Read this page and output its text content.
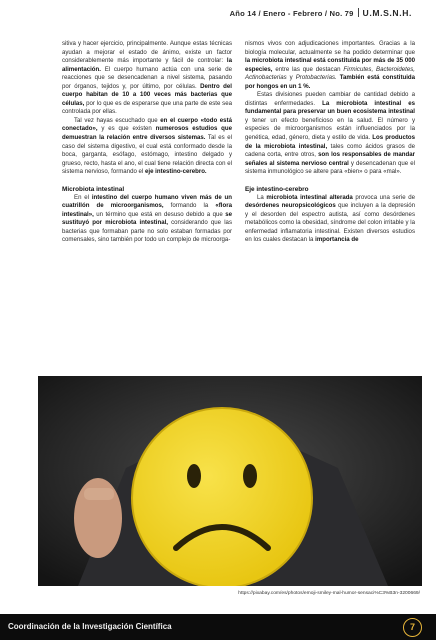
Año 14 / Enero - Febrero / No. 79 U.M.S.N.H.

sitiva y hacer ejercicio, principalmente. Aunque estas técnicas ayudan a mejorar el estado de ánimo, existe un factor considerablemente más importante y fácil de controlar: la alimentación. El cuerpo humano actúa con una serie de reacciones que se desencadenan a nivel sistema, pasando por órganos, tejidos y, por último, por células. Dentro del cuerpo habitan de 10 a 100 veces más bacterias que células, por lo que es de esperarse que una parte de este sea controlada por ellas.

Tal vez hayas escuchado que en el cuerpo «todo está conectado», y es que existen numerosos estudios que demuestran la relación entre diversos sistemas. Tal es el caso del sistema digestivo, el cual está conformado desde la boca, garganta, esófago, estómago, intestino delgado y grueso, recto, hasta el ano, el cual tiene relación directa con el sistema nervioso, formando el eje intestino-cerebro.

Microbiota intestinal

En el intestino del cuerpo humano viven más de un cuatrillón de microorganismos, formando la «flora intestinal», un término que está en desuso debido a que se sustituyó por microbiota intestinal, considerando que las bacterias que formaban parte no solo estaban formadas por comensales, sino también por todo un complejo de microorga-

nismos vivos con adjudicaciones importantes. Gracias a la biología molecular, actualmente se ha podido determinar que la microbiota intestinal está constituida por más de 35 000 especies, entre las que destacan Firmicutes, Bacteroidetes, Actinobacterias y Protobacterias. También está constituida por hongos en un 1 %.

Estas divisiones pueden cambiar de cantidad debido a distintas enfermedades. La microbiota intestinal es fundamental para preservar un buen ecosistema intestinal y tener un efecto beneficioso en la salud. El número y especies de microorganismos están influenciados por la genética, edad, género, dieta y estilo de vida. Los productos de la microbiota intestinal, tales como ácidos grasos de cadena corta, entre otros, son los responsables de mandar señales al sistema nervioso central y desencadenan que el sistema inmunológico se altere para «bien» o para «mal».

Eje intestino-cerebro

La microbiota intestinal alterada provoca una serie de desórdenes neuropsicológicos que incluyen a la depresión y el desorden del espectro autista, así como desórdenes metabólicos como la obesidad, síndrome del colon irritable y la enfermedad inflamatoria intestinal. Existen diversos estudios en los cuales destacan la importancia de

https://pixabay.com/es/photos/emoji-smiley-mal-humor-sensaci%C3%B3n-3200669/
Coordinación de la Investigación Científica	7
